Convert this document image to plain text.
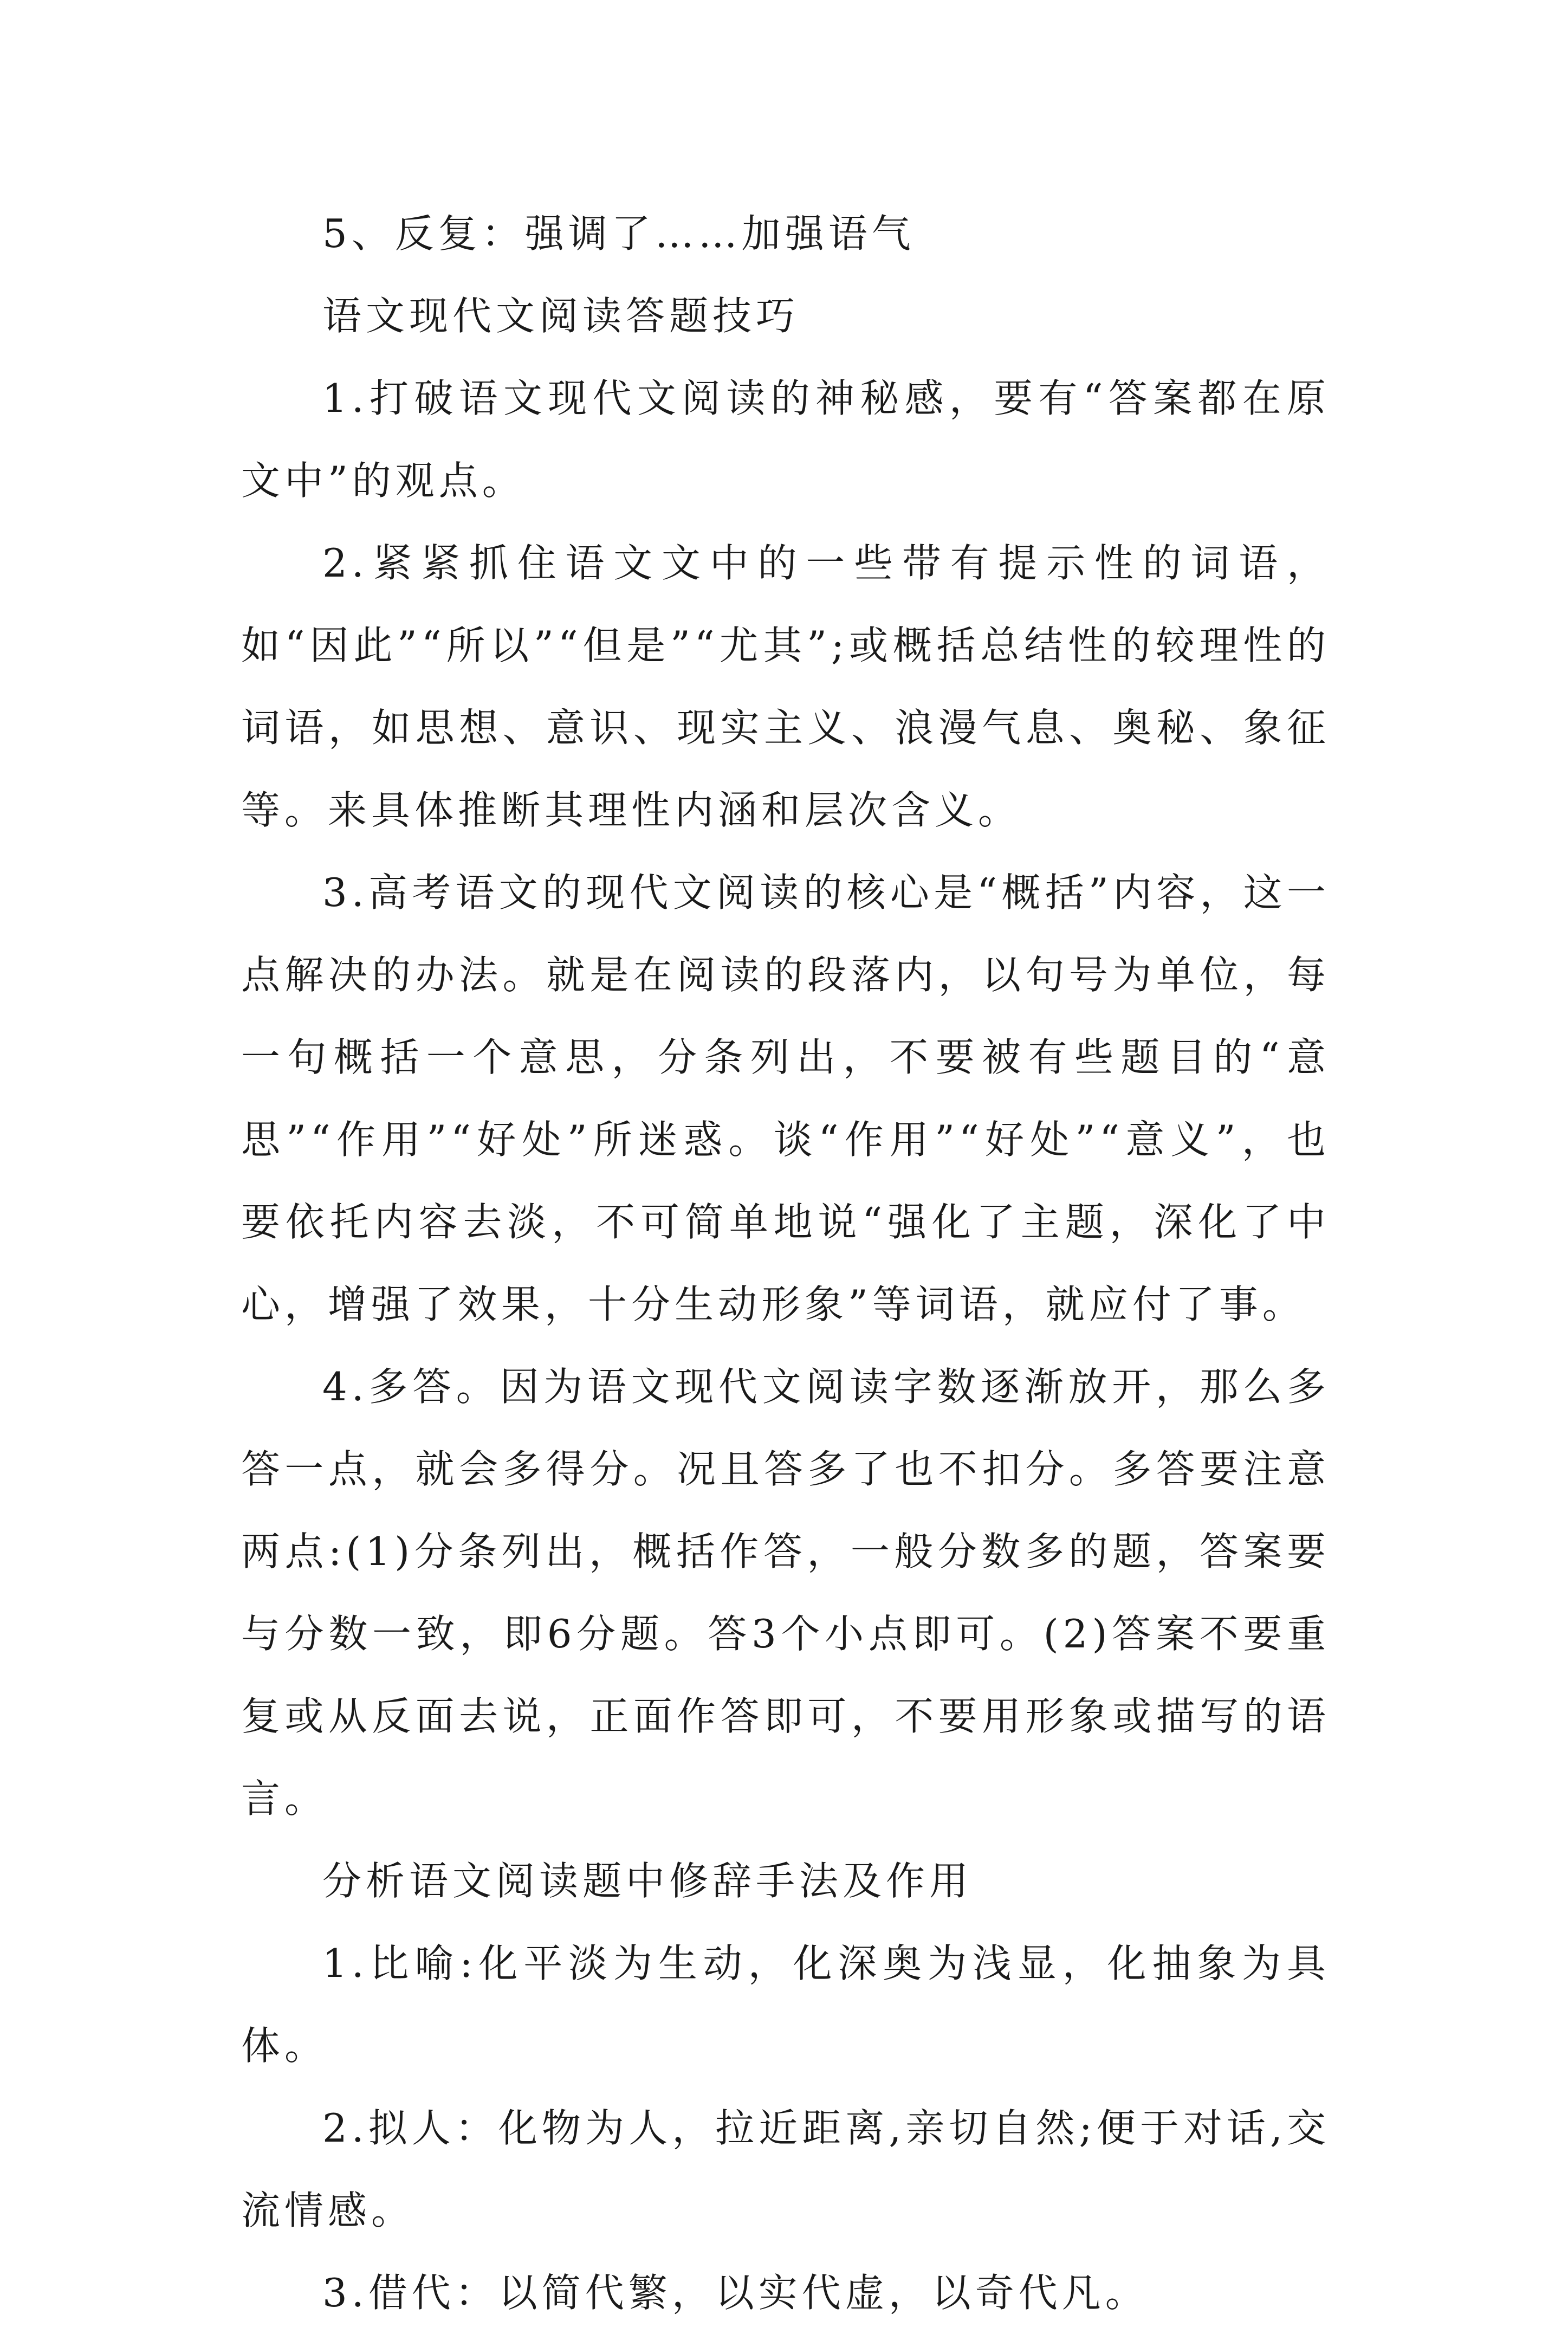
5、反复：强调了……加强语气

语文现代文阅读答题技巧

1.打破语文现代文阅读的神秘感，要有“答案都在原文中”的观点。

2.紧紧抓住语文文中的一些带有提示性的词语，如“因此”“所以”“但是”“尤其”;或概括总结性的较理性的词语，如思想、意识、现实主义、浪漫气息、奥秘、象征等。来具体推断其理性内涵和层次含义。

3.高考语文的现代文阅读的核心是“概括”内容，这一点解决的办法。就是在阅读的段落内，以句号为单位，每一句概括一个意思，分条列出，不要被有些题目的“意思”“作用”“好处”所迷惑。谈“作用”“好处”“意义”，也要依托内容去淡，不可简单地说“强化了主题，深化了中心，增强了效果，十分生动形象”等词语，就应付了事。

4.多答。因为语文现代文阅读字数逐渐放开，那么多答一点，就会多得分。况且答多了也不扣分。多答要注意两点:(1)分条列出，概括作答，一般分数多的题，答案要与分数一致，即6分题。答3个小点即可。(2)答案不要重复或从反面去说，正面作答即可，不要用形象或描写的语言。

分析语文阅读题中修辞手法及作用

1.比喻:化平淡为生动，化深奥为浅显，化抽象为具体。

2.拟人：化物为人，拉近距离,亲切自然;便于对话,交流情感。

3.借代：以简代繁，以实代虚，以奇代凡。
